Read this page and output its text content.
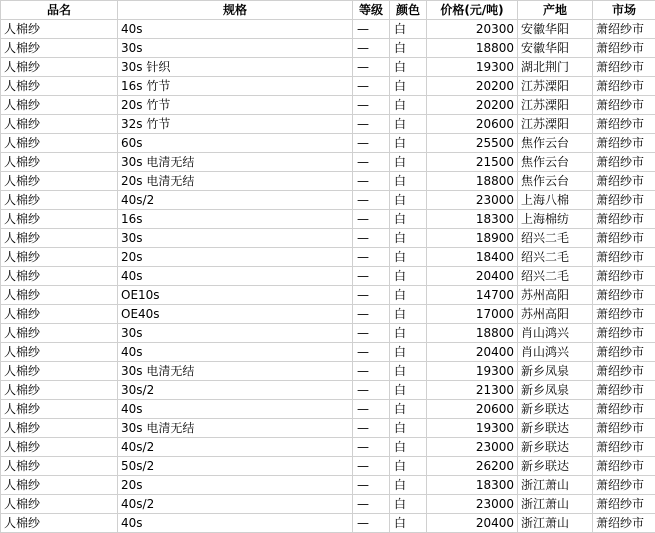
品名	规格	等级	颜色	价格(元/吨)	产地	市场
人棉纱	40s	—	白	20300	安徽华阳	萧绍纱市
人棉纱	30s	—	白	18800	安徽华阳	萧绍纱市
人棉纱	30s 针织	—	白	19300	湖北荆门	萧绍纱市
人棉纱	16s 竹节	—	白	20200	江苏溧阳	萧绍纱市
人棉纱	20s 竹节	—	白	20200	江苏溧阳	萧绍纱市
人棉纱	32s 竹节	—	白	20600	江苏溧阳	萧绍纱市
人棉纱	60s	—	白	25500	焦作云台	萧绍纱市
人棉纱	30s 电清无结	—	白	21500	焦作云台	萧绍纱市
人棉纱	20s 电清无结	—	白	18800	焦作云台	萧绍纱市
人棉纱	40s/2	—	白	23000	上海八棉	萧绍纱市
人棉纱	16s	—	白	18300	上海棉纺	萧绍纱市
人棉纱	30s	—	白	18900	绍兴二毛	萧绍纱市
人棉纱	20s	—	白	18400	绍兴二毛	萧绍纱市
人棉纱	40s	—	白	20400	绍兴二毛	萧绍纱市
人棉纱	OE10s	—	白	14700	苏州高阳	萧绍纱市
人棉纱	OE40s	—	白	17000	苏州高阳	萧绍纱市
人棉纱	30s	—	白	18800	肖山鸿兴	萧绍纱市
人棉纱	40s	—	白	20400	肖山鸿兴	萧绍纱市
人棉纱	30s 电清无结	—	白	19300	新乡凤泉	萧绍纱市
人棉纱	30s/2	—	白	21300	新乡凤泉	萧绍纱市
人棉纱	40s	—	白	20600	新乡联达	萧绍纱市
人棉纱	30s 电清无结	—	白	19300	新乡联达	萧绍纱市
人棉纱	40s/2	—	白	23000	新乡联达	萧绍纱市
人棉纱	50s/2	—	白	26200	新乡联达	萧绍纱市
人棉纱	20s	—	白	18300	浙江萧山	萧绍纱市
人棉纱	40s/2	—	白	23000	浙江萧山	萧绍纱市
人棉纱	40s	—	白	20400	浙江萧山	萧绍纱市
